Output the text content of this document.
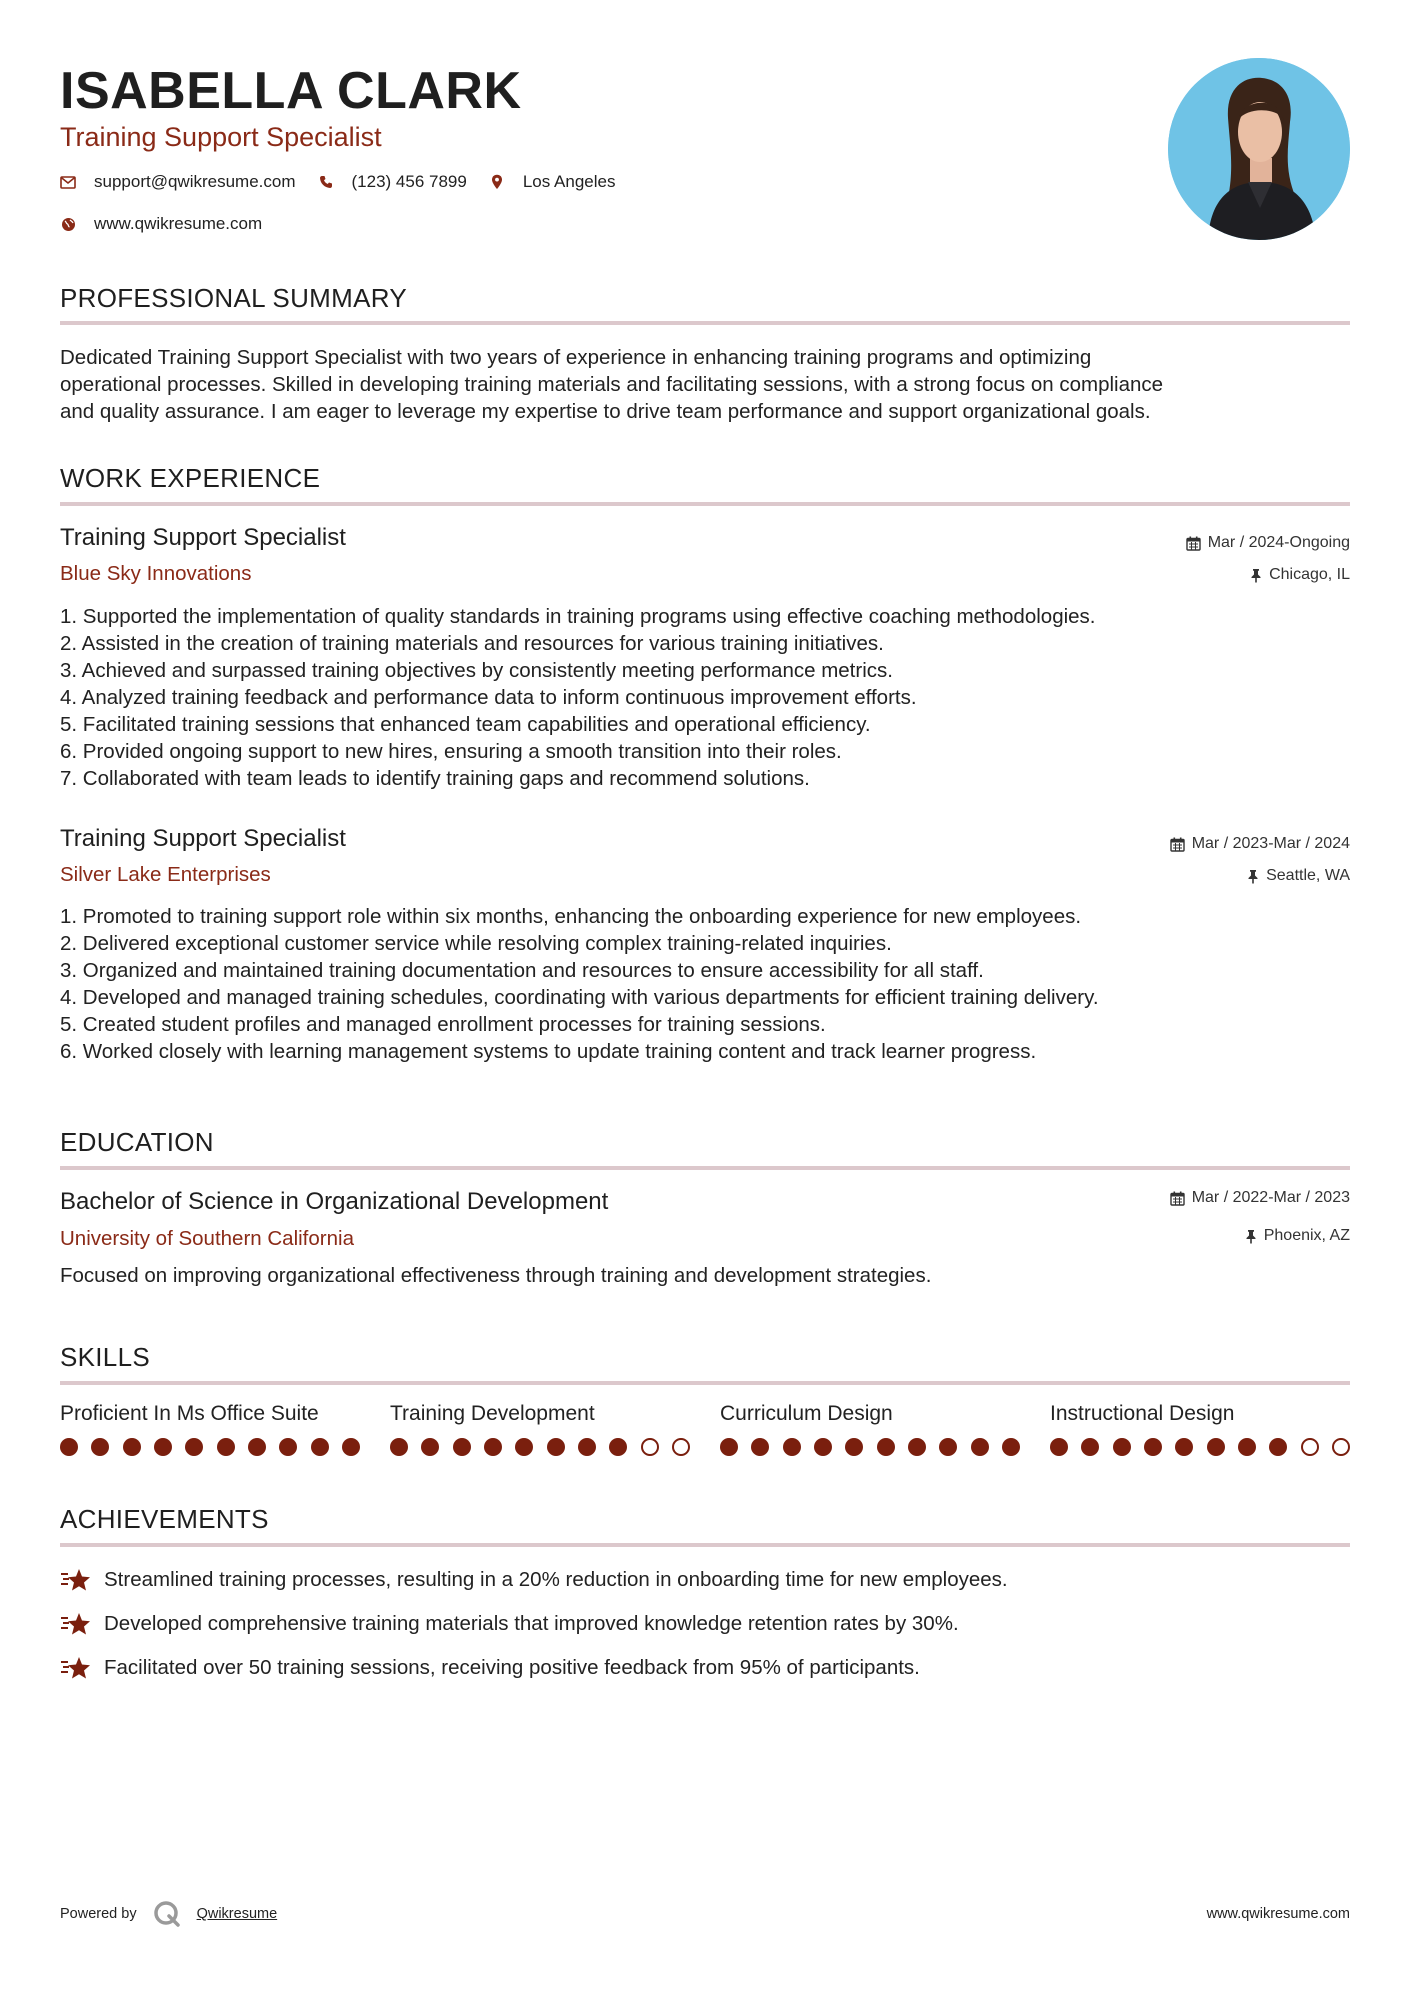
ISABELLA CLARK
Training Support Specialist
support@qwikresume.com	(123) 456 7899	Los Angeles
www.qwikresume.com
PROFESSIONAL SUMMARY
Dedicated Training Support Specialist with two years of experience in enhancing training programs and optimizing
operational processes. Skilled in developing training materials and facilitating sessions, with a strong focus on compliance
and quality assurance. I am eager to leverage my expertise to drive team performance and support organizational goals.
WORK EXPERIENCE
Training Support Specialist	Mar / 2024-Ongoing
Blue Sky Innovations	Chicago, IL
1. Supported the implementation of quality standards in training programs using effective coaching methodologies.
2. Assisted in the creation of training materials and resources for various training initiatives.
3. Achieved and surpassed training objectives by consistently meeting performance metrics.
4. Analyzed training feedback and performance data to inform continuous improvement efforts.
5. Facilitated training sessions that enhanced team capabilities and operational efficiency.
6. Provided ongoing support to new hires, ensuring a smooth transition into their roles.
7. Collaborated with team leads to identify training gaps and recommend solutions.
Training Support Specialist	Mar / 2023-Mar / 2024
Silver Lake Enterprises	Seattle, WA
1. Promoted to training support role within six months, enhancing the onboarding experience for new employees.
2. Delivered exceptional customer service while resolving complex training-related inquiries.
3. Organized and maintained training documentation and resources to ensure accessibility for all staff.
4. Developed and managed training schedules, coordinating with various departments for efficient training delivery.
5. Created student profiles and managed enrollment processes for training sessions.
6. Worked closely with learning management systems to update training content and track learner progress.
EDUCATION
Bachelor of Science in Organizational Development	Mar / 2022-Mar / 2023
University of Southern California	Phoenix, AZ
Focused on improving organizational effectiveness through training and development strategies.
SKILLS
Proficient In Ms Office Suite	Training Development	Curriculum Design	Instructional Design
ACHIEVEMENTS
Streamlined training processes, resulting in a 20% reduction in onboarding time for new employees.
Developed comprehensive training materials that improved knowledge retention rates by 30%.
Facilitated over 50 training sessions, receiving positive feedback from 95% of participants.
Powered by	Qwikresume	www.qwikresume.com
